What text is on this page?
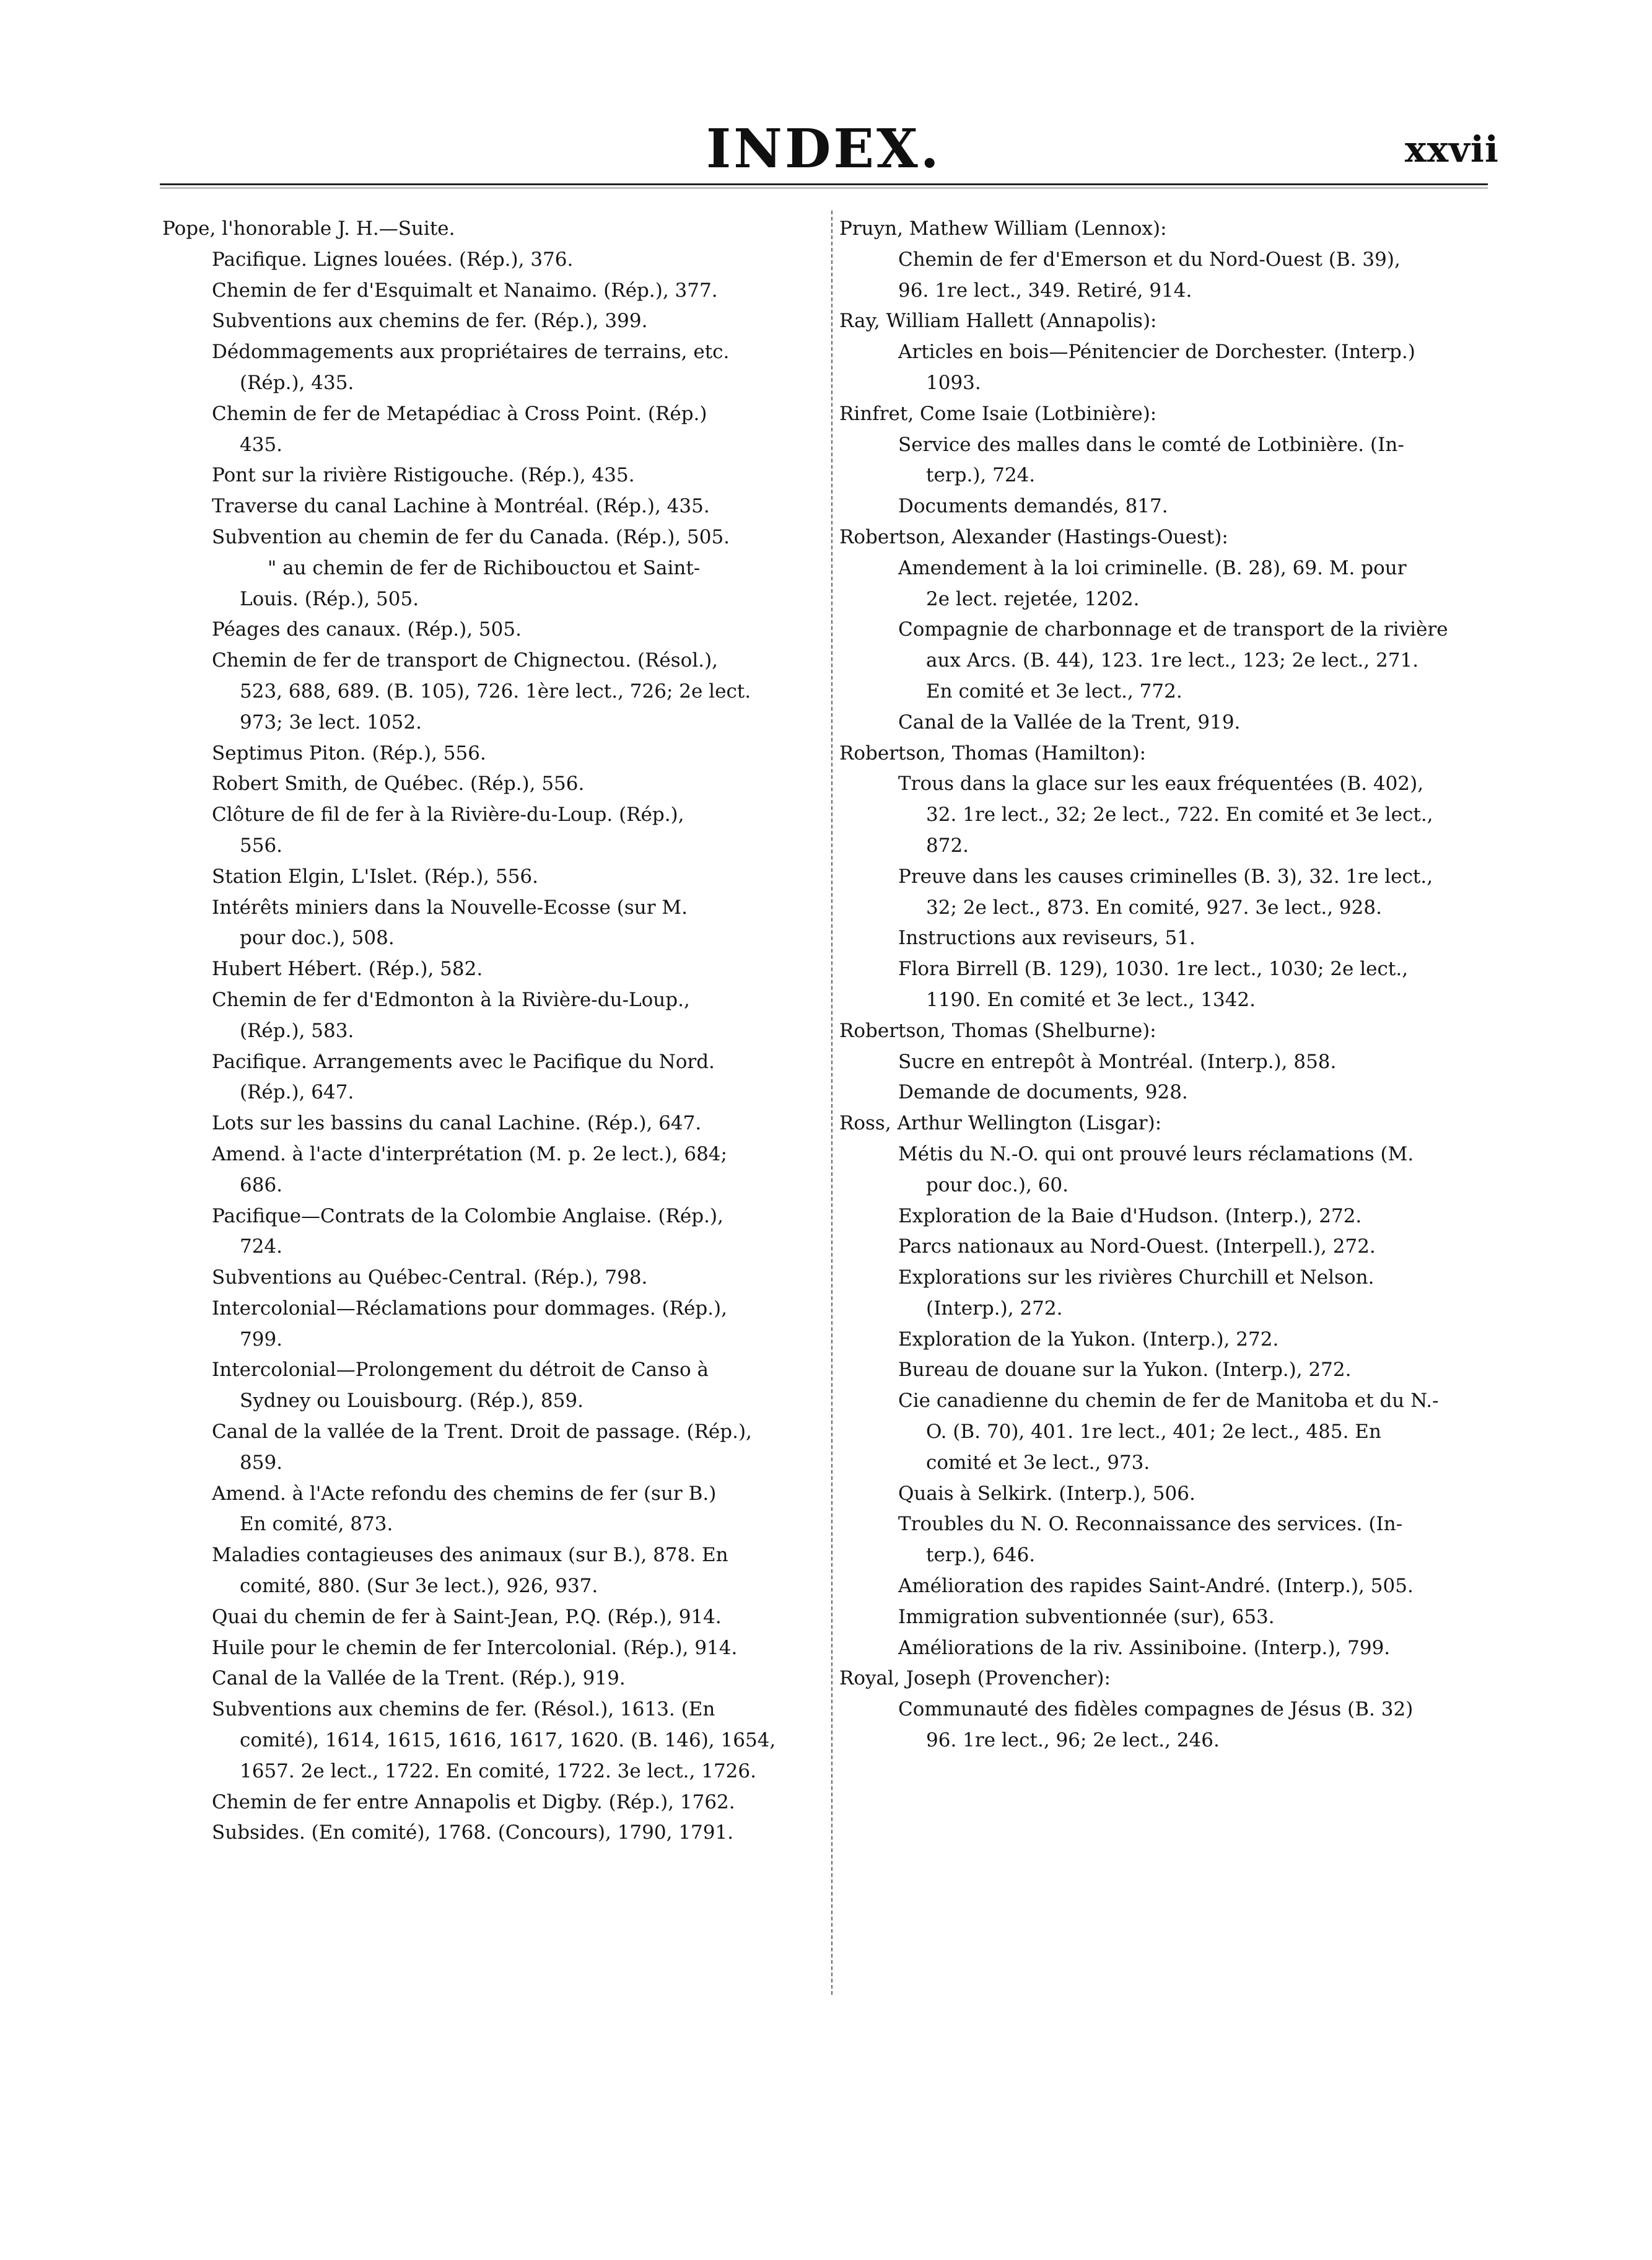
INDEX.	xxvii
Pope, l'honorable J. H.—Suite.
Pacifique. Lignes louées. (Rép.), 376.
Chemin de fer d'Esquimalt et Nanaimo. (Rép.), 377.
Subventions aux chemins de fer. (Rép.), 399.
Dédommagements aux propriétaires de terrains, etc.
(Rép.), 435.
Chemin de fer de Metapédiac à Cross Point. (Rép.)
435.
Pont sur la rivière Ristigouche. (Rép.), 435.
Traverse du canal Lachine à Montréal. (Rép.), 435.
Subvention au chemin de fer du Canada. (Rép.), 505.
" au chemin de fer de Richibouctou et Saint-
Louis. (Rép.), 505.
Péages des canaux. (Rép.), 505.
Chemin de fer de transport de Chignectou. (Résol.),
523, 688, 689. (B. 105), 726. 1ère lect., 726; 2e lect.
973; 3e lect. 1052.
Septimus Piton. (Rép.), 556.
Robert Smith, de Québec. (Rép.), 556.
Clôture de fil de fer à la Rivière-du-Loup. (Rép.),
556.
Station Elgin, L'Islet. (Rép.), 556.
Intérêts miniers dans la Nouvelle-Ecosse (sur M.
pour doc.), 508.
Hubert Hébert. (Rép.), 582.
Chemin de fer d'Edmonton à la Rivière-du-Loup.,
(Rép.), 583.
Pacifique. Arrangements avec le Pacifique du Nord.
(Rép.), 647.
Lots sur les bassins du canal Lachine. (Rép.), 647.
Amend. à l'acte d'interprétation (M. p. 2e lect.), 684;
686.
Pacifique—Contrats de la Colombie Anglaise. (Rép.),
724.
Subventions au Québec-Central. (Rép.), 798.
Intercolonial—Réclamations pour dommages. (Rép.),
799.
Intercolonial—Prolongement du détroit de Canso à
Sydney ou Louisbourg. (Rép.), 859.
Canal de la vallée de la Trent. Droit de passage. (Rép.),
859.
Amend. à l'Acte refondu des chemins de fer (sur B.)
En comité, 873.
Maladies contagieuses des animaux (sur B.), 878. En
comité, 880. (Sur 3e lect.), 926, 937.
Quai du chemin de fer à Saint-Jean, P.Q. (Rép.), 914.
Huile pour le chemin de fer Intercolonial. (Rép.), 914.
Canal de la Vallée de la Trent. (Rép.), 919.
Subventions aux chemins de fer. (Résol.), 1613. (En
comité), 1614, 1615, 1616, 1617, 1620. (B. 146), 1654,
1657. 2e lect., 1722. En comité, 1722. 3e lect., 1726.
Chemin de fer entre Annapolis et Digby. (Rép.), 1762.
Subsides. (En comité), 1768. (Concours), 1790, 1791.
Pruyn, Mathew William (Lennox):
Chemin de fer d'Emerson et du Nord-Ouest (B. 39),
96. 1re lect., 349. Retiré, 914.
Ray, William Hallett (Annapolis):
Articles en bois—Pénitencier de Dorchester. (Interp.)
1093.
Rinfret, Come Isaie (Lotbinière):
Service des malles dans le comté de Lotbinière. (In-
terp.), 724.
Documents demandés, 817.
Robertson, Alexander (Hastings-Ouest):
Amendement à la loi criminelle. (B. 28), 69. M. pour
2e lect. rejetée, 1202.
Compagnie de charbonnage et de transport de la rivière
aux Arcs. (B. 44), 123. 1re lect., 123; 2e lect., 271.
En comité et 3e lect., 772.
Canal de la Vallée de la Trent, 919.
Robertson, Thomas (Hamilton):
Trous dans la glace sur les eaux fréquentées (B. 402),
32. 1re lect., 32; 2e lect., 722. En comité et 3e lect.,
872.
Preuve dans les causes criminelles (B. 3), 32. 1re lect.,
32; 2e lect., 873. En comité, 927. 3e lect., 928.
Instructions aux reviseurs, 51.
Flora Birrell (B. 129), 1030. 1re lect., 1030; 2e lect.,
1190. En comité et 3e lect., 1342.
Robertson, Thomas (Shelburne):
Sucre en entrepôt à Montréal. (Interp.), 858.
Demande de documents, 928.
Ross, Arthur Wellington (Lisgar):
Métis du N.-O. qui ont prouvé leurs réclamations (M.
pour doc.), 60.
Exploration de la Baie d'Hudson. (Interp.), 272.
Parcs nationaux au Nord-Ouest. (Interpell.), 272.
Explorations sur les rivières Churchill et Nelson.
(Interp.), 272.
Exploration de la Yukon. (Interp.), 272.
Bureau de douane sur la Yukon. (Interp.), 272.
Cie canadienne du chemin de fer de Manitoba et du N.-
O. (B. 70), 401. 1re lect., 401; 2e lect., 485. En
comité et 3e lect., 973.
Quais à Selkirk. (Interp.), 506.
Troubles du N. O. Reconnaissance des services. (In-
terp.), 646.
Amélioration des rapides Saint-André. (Interp.), 505.
Immigration subventionnée (sur), 653.
Améliorations de la riv. Assiniboine. (Interp.), 799.
Royal, Joseph (Provencher):
Communauté des fidèles compagnes de Jésus (B. 32)
96. 1re lect., 96; 2e lect., 246.
